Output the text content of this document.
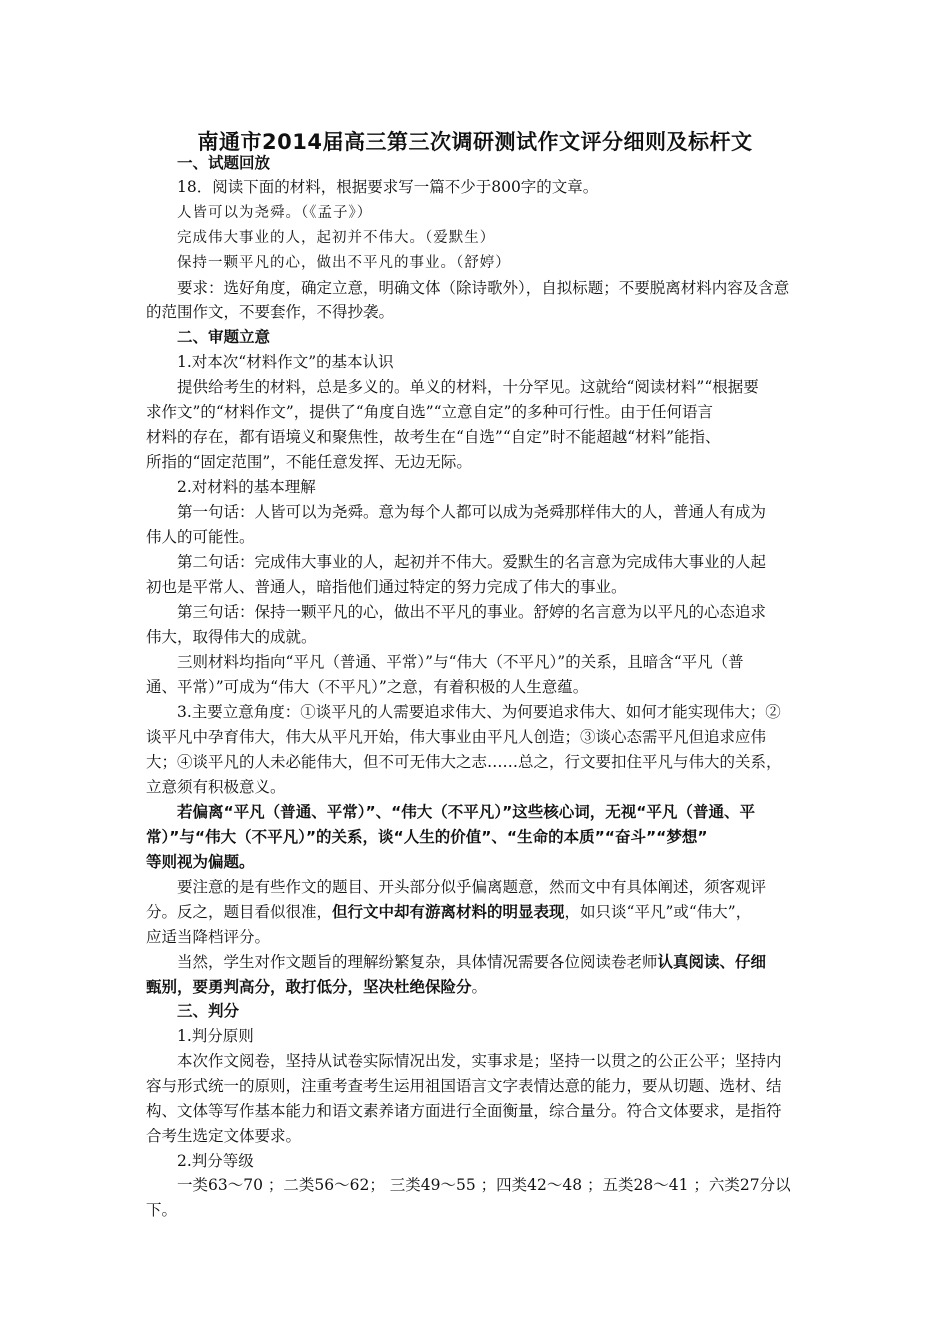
南通市2014届高三第三次调研测试作文评分细则及标杆文
一、试题回放
18．阅读下面的材料，根据要求写一篇不少于800字的文章。
人皆可以为尧舜。（《孟子》）
完成伟大事业的人，起初并不伟大。（爱默生）
保持一颗平凡的心，做出不平凡的事业。（舒婷）
要求：选好角度，确定立意，明确文体（除诗歌外），自拟标题；不要脱离材料内容及含意
的范围作文，不要套作，不得抄袭。
二、审题立意
1.对本次“材料作文”的基本认识
提供给考生的材料，总是多义的。单义的材料，十分罕见。这就给“阅读材料”“根据要
求作文”的“材料作文”，提供了“角度自选”“立意自定”的多种可行性。由于任何语言
材料的存在，都有语境义和聚焦性，故考生在“自选”“自定”时不能超越“材料”能指、
所指的“固定范围”，不能任意发挥、无边无际。
2.对材料的基本理解
第一句话：人皆可以为尧舜。意为每个人都可以成为尧舜那样伟大的人，普通人有成为
伟人的可能性。
第二句话：完成伟大事业的人，起初并不伟大。爱默生的名言意为完成伟大事业的人起
初也是平常人、普通人，暗指他们通过特定的努力完成了伟大的事业。
第三句话：保持一颗平凡的心，做出不平凡的事业。舒婷的名言意为以平凡的心态追求
伟大，取得伟大的成就。
三则材料均指向“平凡（普通、平常）”与“伟大（不平凡）”的关系，且暗含“平凡（普
通、平常）”可成为“伟大（不平凡）”之意，有着积极的人生意蕴。
3.主要立意角度：①谈平凡的人需要追求伟大、为何要追求伟大、如何才能实现伟大；②
谈平凡中孕育伟大，伟大从平凡开始，伟大事业由平凡人创造；③谈心态需平凡但追求应伟
大；④谈平凡的人未必能伟大，但不可无伟大之志……总之，行文要扣住平凡与伟大的关系，
立意须有积极意义。
若偏离“平凡（普通、平常）”、“伟大（不平凡）”这些核心词，无视“平凡（普通、平
常）”与“伟大（不平凡）”的关系，谈“人生的价值”、“生命的本质”“奋斗”“梦想”
等则视为偏题。
要注意的是有些作文的题目、开头部分似乎偏离题意，然而文中有具体阐述，须客观评
分。反之，题目看似很准，但行文中却有游离材料的明显表现，如只谈“平凡”或“伟大”，
应适当降档评分。
当然，学生对作文题旨的理解纷繁复杂，具体情况需要各位阅读卷老师认真阅读、仔细
甄别，要勇判高分，敢打低分，坚决杜绝保险分。
三、判分
1.判分原则
本次作文阅卷，坚持从试卷实际情况出发，实事求是；坚持一以贯之的公正公平；坚持内
容与形式统一的原则，注重考查考生运用祖国语言文字表情达意的能力，要从切题、选材、结
构、文体等写作基本能力和语文素养诸方面进行全面衡量，综合量分。符合文体要求，是指符
合考生选定文体要求。
2.判分等级
一类63～70 ；二类56～62； 三类49～55 ；四类42～48 ；五类28～41 ；六类27分以
下。
